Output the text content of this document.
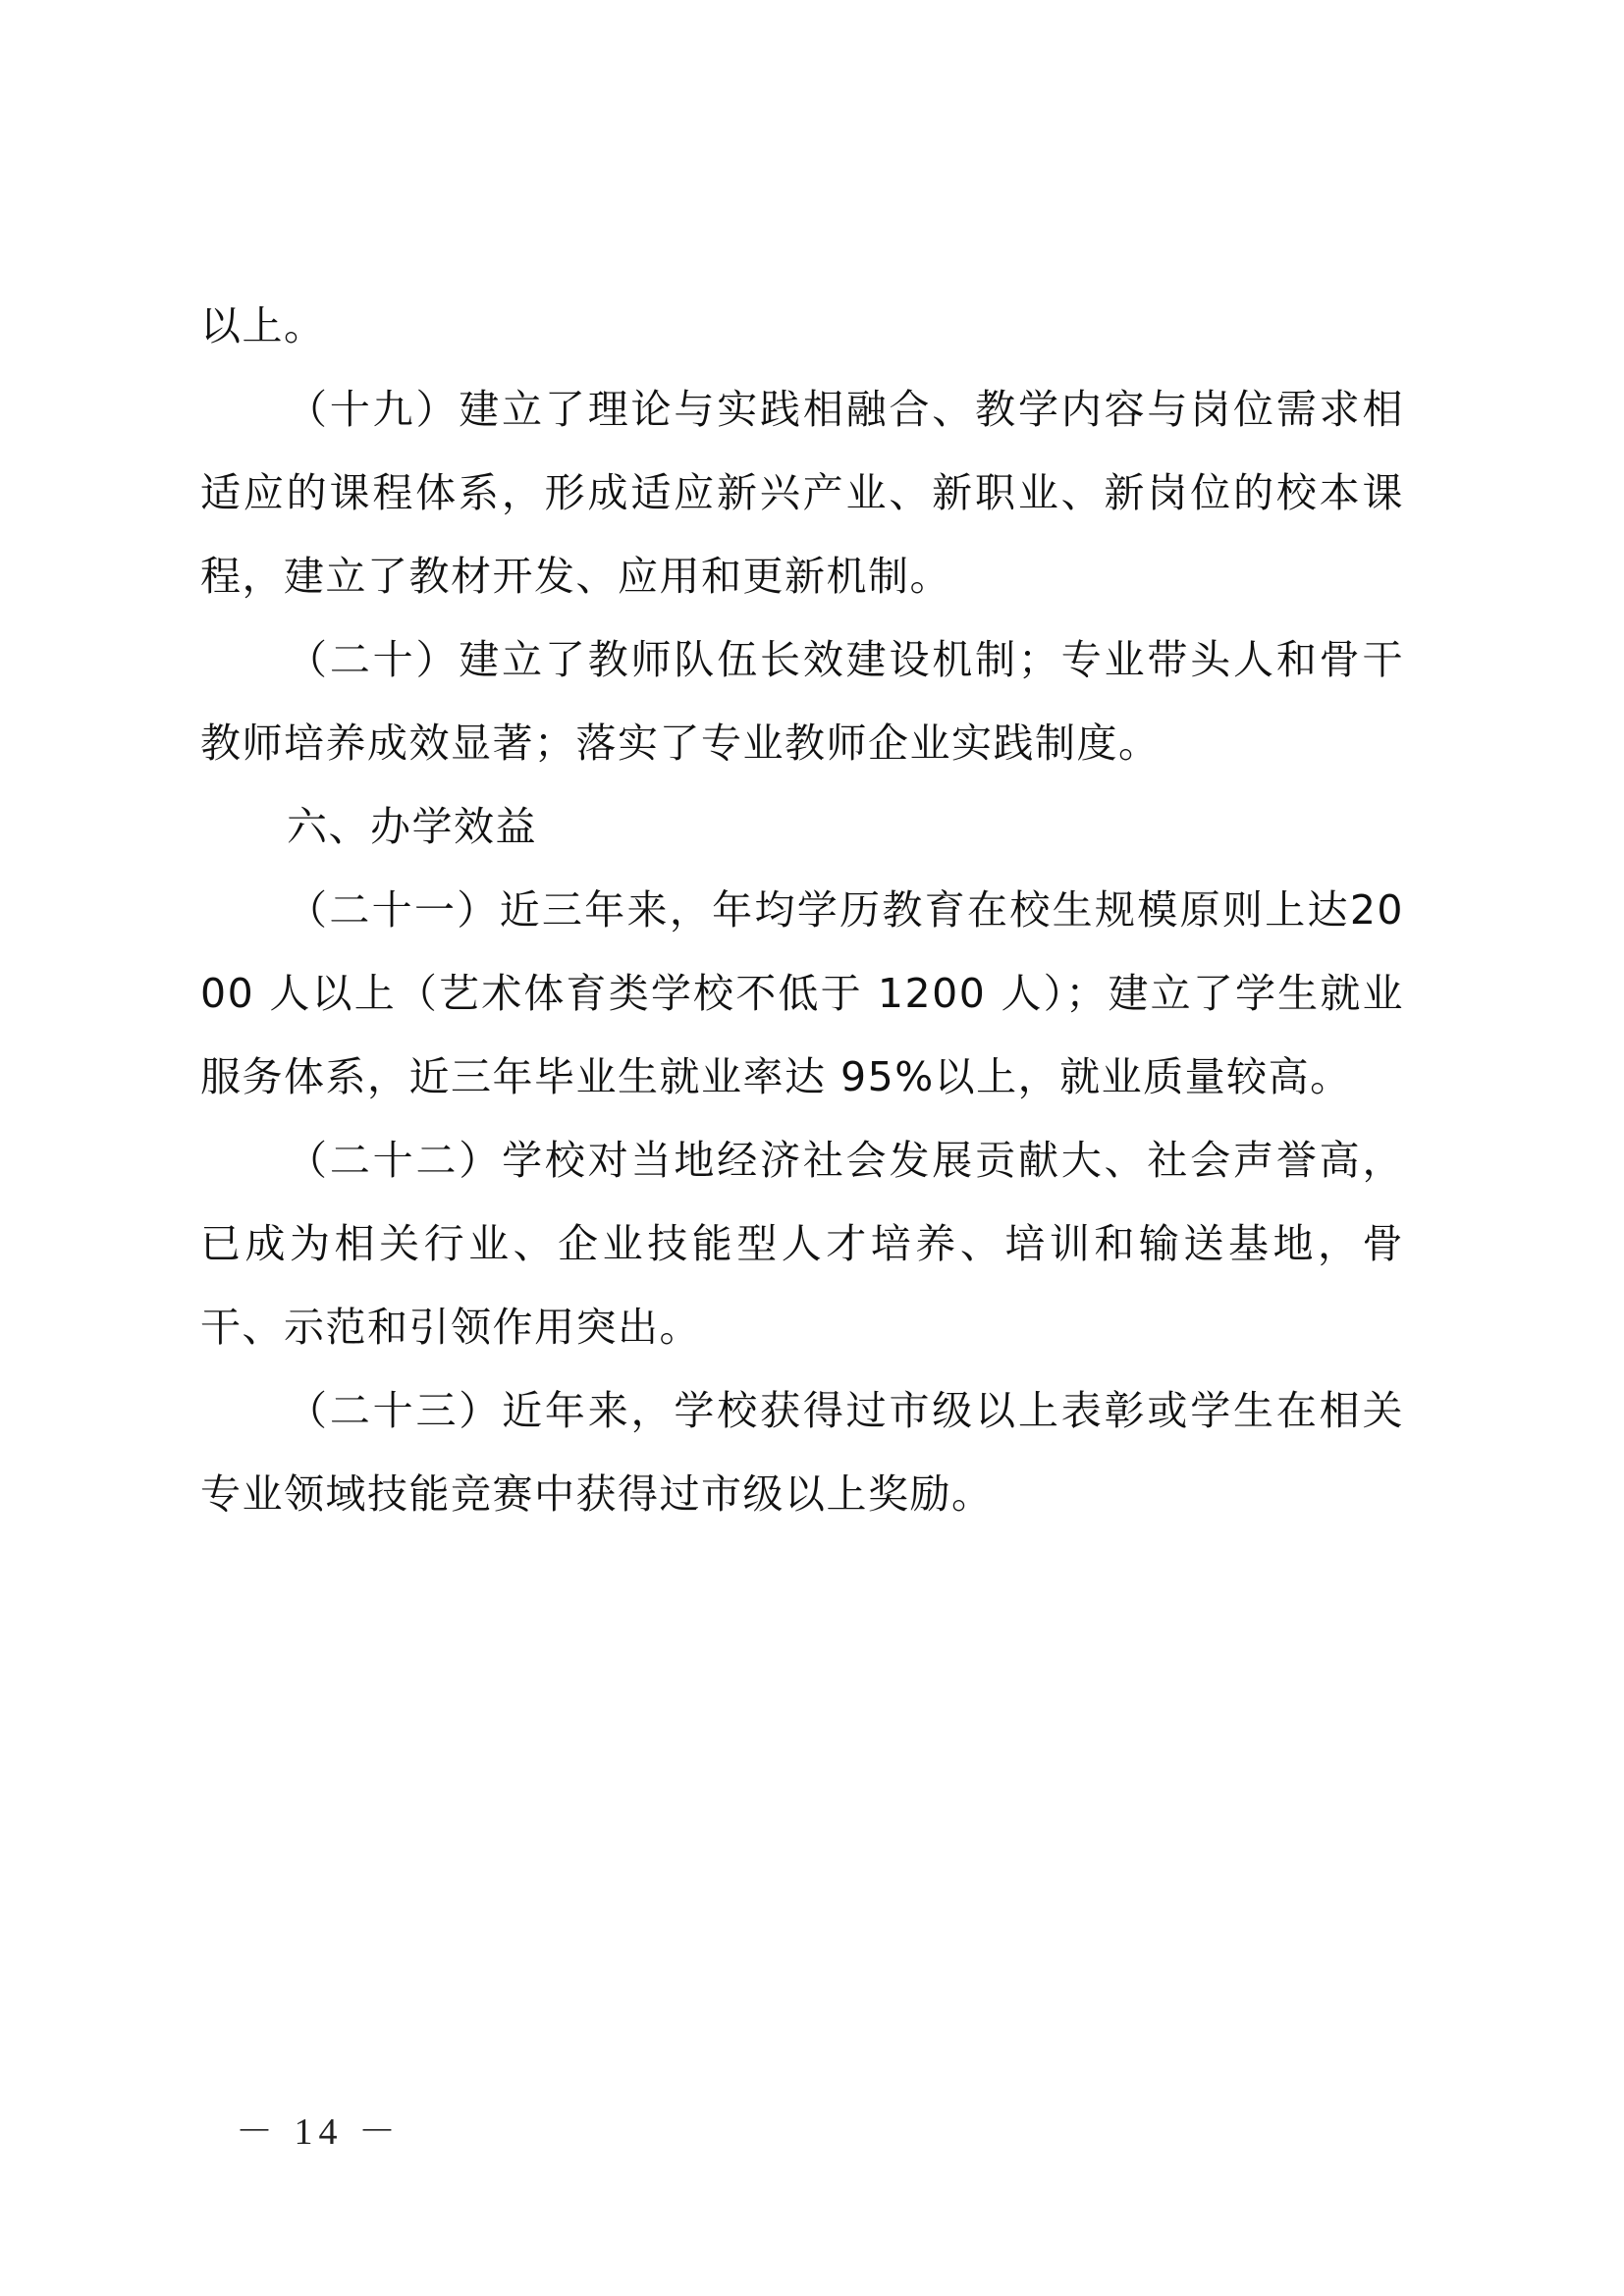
以上。

（十九）建立了理论与实践相融合、教学内容与岗位需求相适应的课程体系，形成适应新兴产业、新职业、新岗位的校本课程，建立了教材开发、应用和更新机制。

（二十）建立了教师队伍长效建设机制；专业带头人和骨干教师培养成效显著；落实了专业教师企业实践制度。

六、办学效益

（二十一）近三年来，年均学历教育在校生规模原则上达2000 人以上（艺术体育类学校不低于 1200 人）；建立了学生就业服务体系，近三年毕业生就业率达 95%以上，就业质量较高。

（二十二）学校对当地经济社会发展贡献大、社会声誉高，已成为相关行业、企业技能型人才培养、培训和输送基地，骨干、示范和引领作用突出。

（二十三）近年来，学校获得过市级以上表彰或学生在相关专业领域技能竞赛中获得过市级以上奖励。

－ 14 －
